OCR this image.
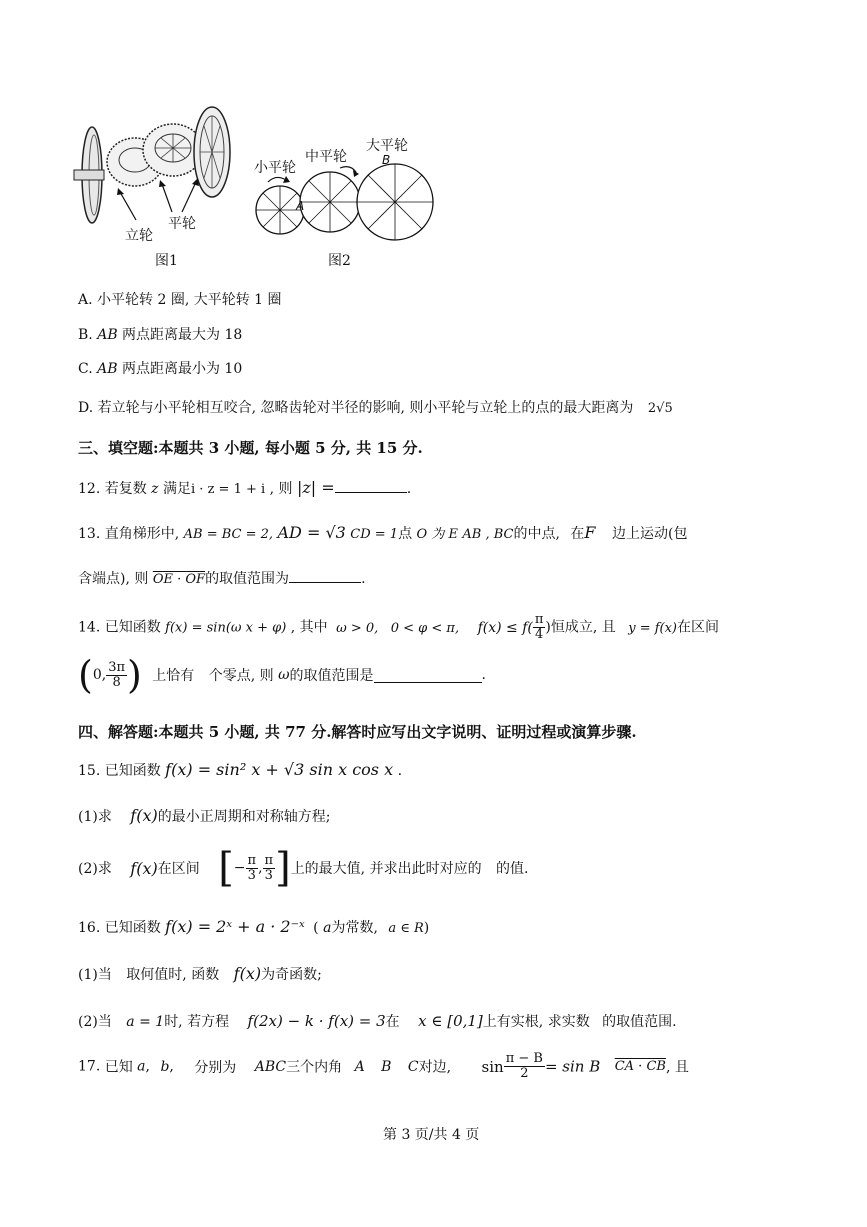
立轮
平轮
图1
A
B
小平轮
中平轮
大平轮
图2
A. 小平轮转 2 圈, 大平轮转 1 圈
B. AB 两点距离最大为 18
C. AB 两点距离最小为 10
D. 若立轮与小平轮相互咬合, 忽略齿轮对半径的影响, 则小平轮与立轮上的点的最大距离为 2√5
三、填空题:本题共 3 小题, 每小题 5 分, 共 15 分.
12. 若复数 z 满足i · z = 1 + i , 则 |z| =	.
13. 直角梯形中, AB = BC = 2, AD = √3 CD = 1点 O 为 E AB , BC的中点, 在F 边上运动(包
含端点), 则 OE · OF的取值范围为	.
14. 已知函数 f(x) = sin(ω x + φ) , 其中 ω > 0, 0 < φ < π, $f(x) \le f( \frac{\pi}{4}$ )恒成立, 且 y = f(x)在区间
(0, $\frac{3\pi}{8}$ ) 上恰有 个零点, 则 ω的取值范围是	.
四、解答题:本题共 5 小题, 共 77 分.解答时应写出文字说明、证明过程或演算步骤.
15. 已知函数 f(x) = sin² x + √3 sin x cos x .
(1)求 f(x)的最小正周期和对称轴方程;
(2)求 f(x)在区间 [− $\frac{\pi}{3}$ , $\frac{\pi}{3}$ ]上的最大值, 并求出此时对应的 的值.
16. 已知函数 f(x) = 2ˣ + a · 2⁻ˣ ( a为常数, a ∈ R)
(1)当 取何值时, 函数 f(x)为奇函数;
(2)当 a = 1时, 若方程 f(2x) − k · f(x) = 3在 x ∈ [0,1]上有实根, 求实数 的取值范围.
17. 已知 a, b, 分别为 ABC三个内角 A B C对边, $\sin \frac{\pi - B}{2} = \sin B$ CA · CB, 且
第 3 页/共 4 页
